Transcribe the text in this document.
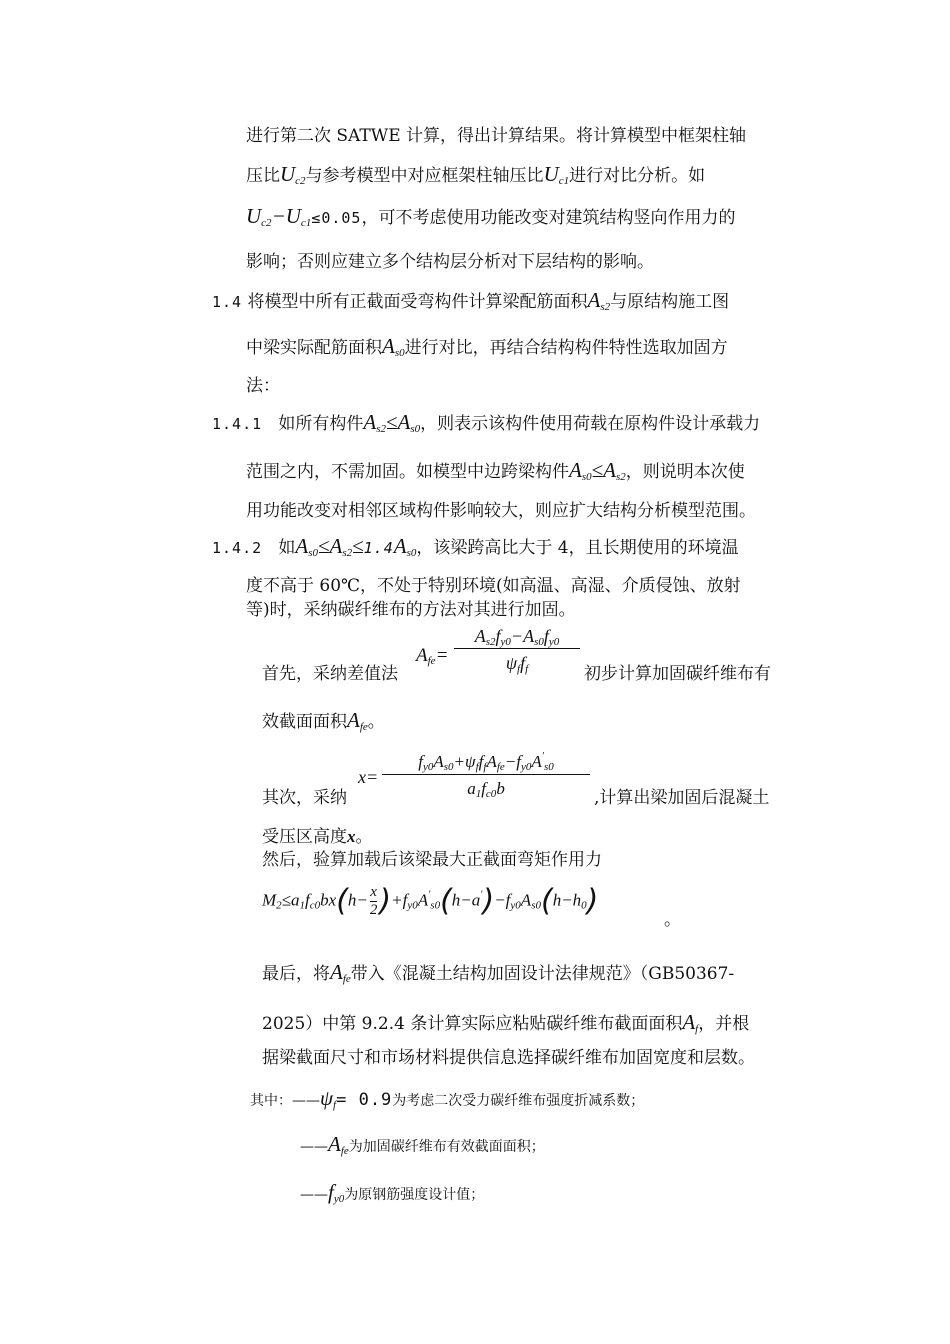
进行第二次 SATWE 计算，得出计算结果。将计算模型中框架柱轴
压比$U_{c2}$与参考模型中对应框架柱轴压比$U_{c1}$进行对比分析。如
$U_{c2}-U_{c1}\le 0.05$，可不考虑使用功能改变对建筑结构竖向作用力的
影响；否则应建立多个结构层分析对下层结构的影响。
1.4 将模型中所有正截面受弯构件计算梁配筋面积$A_{s2}$与原结构施工图
中梁实际配筋面积$A_{s0}$进行对比，再结合结构构件特性选取加固方
法：
1.4.1 如所有构件$A_{s2}\le A_{s0}$，则表示该构件使用荷载在原构件设计承载力
范围之内，不需加固。如模型中边跨梁构件$A_{s0}\le A_{s2}$，则说明本次使
用功能改变对相邻区域构件影响较大，则应扩大结构分析模型范围。
1.4.2 如$A_{s0}\le A_{s2}\le 1.4A_{s0}$，该梁跨高比大于 4，且长期使用的环境温
度不高于 60℃，不处于特别环境(如高温、高湿、介质侵蚀、放射
等)时，采纳碳纤维布的方法对其进行加固。
首先，采纳差值法
$A_{fe}=$
$A_{s2}f_{y0}-A_{s0}f_{y0}$
$\psi_ff_f$	初步计算加固碳纤维布有
效截面面积$A_{fe}$。
其次，采纳
x=
$f_{y0}A_{s0}+\psi_ff_fA_{fe}-f_{y0}A'_{s0}$
$a_1f_{c0}b$	,计算出梁加固后混凝土
受压区高度x。
然后，验算加载后该梁最大正截面弯矩作用力
$M_2\le a_1f_{c0}bx(h- \frac{x}{2} )+f_{y0}A'_{s0}(h-a')-f_{y0}A_{s0}(h-h_0)$
。
最后，将$A_{fe}$带入《混凝土结构加固设计法律规范》（GB50367-
2025）中第 9.2.4 条计算实际应粘贴碳纤维布截面面积$A_f$，并根
据梁截面尺寸和市场材料提供信息选择碳纤维布加固宽度和层数。
其中：$——\psi_f= 0.9$为考虑二次受力碳纤维布强度折减系数；
$——A_{fe}$为加固碳纤维布有效截面面积；
$——f_{y0}$为原钢筋强度设计值；
